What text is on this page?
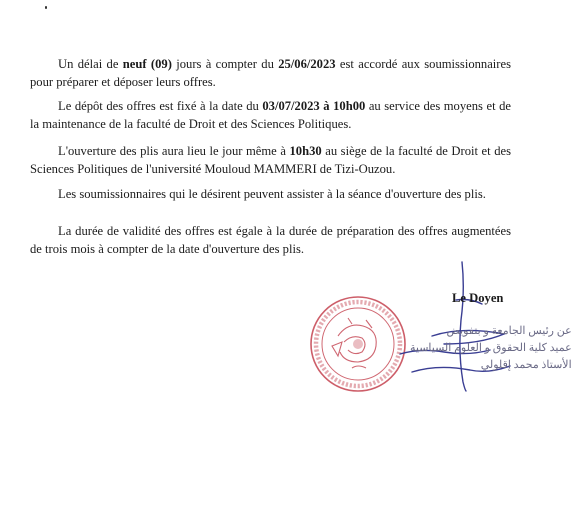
Un délai de neuf (09) jours à compter du 25/06/2023 est accordé aux soumissionnaires pour préparer et déposer leurs offres.

Le dépôt des offres est fixé à la date du 03/07/2023 à 10h00 au service des moyens et de la maintenance de la faculté de Droit et des Sciences Politiques.

L'ouverture des plis aura lieu le jour même à 10h30 au siège de la faculté de Droit et des Sciences Politiques de l'université Mouloud MAMMERI de Tizi-Ouzou.

Les soumissionnaires qui le désirent peuvent assister à la séance d'ouverture des plis.

La durée de validité des offres est égale à la durée de préparation des offres augmentées de trois mois à compter de la date d'ouverture des plis.

عن رئيس الجامعة و بتفويض
عميد كلية الحقوق و العلوم السياسية
الأستاذ محمد إقلولي
Le Doyen
